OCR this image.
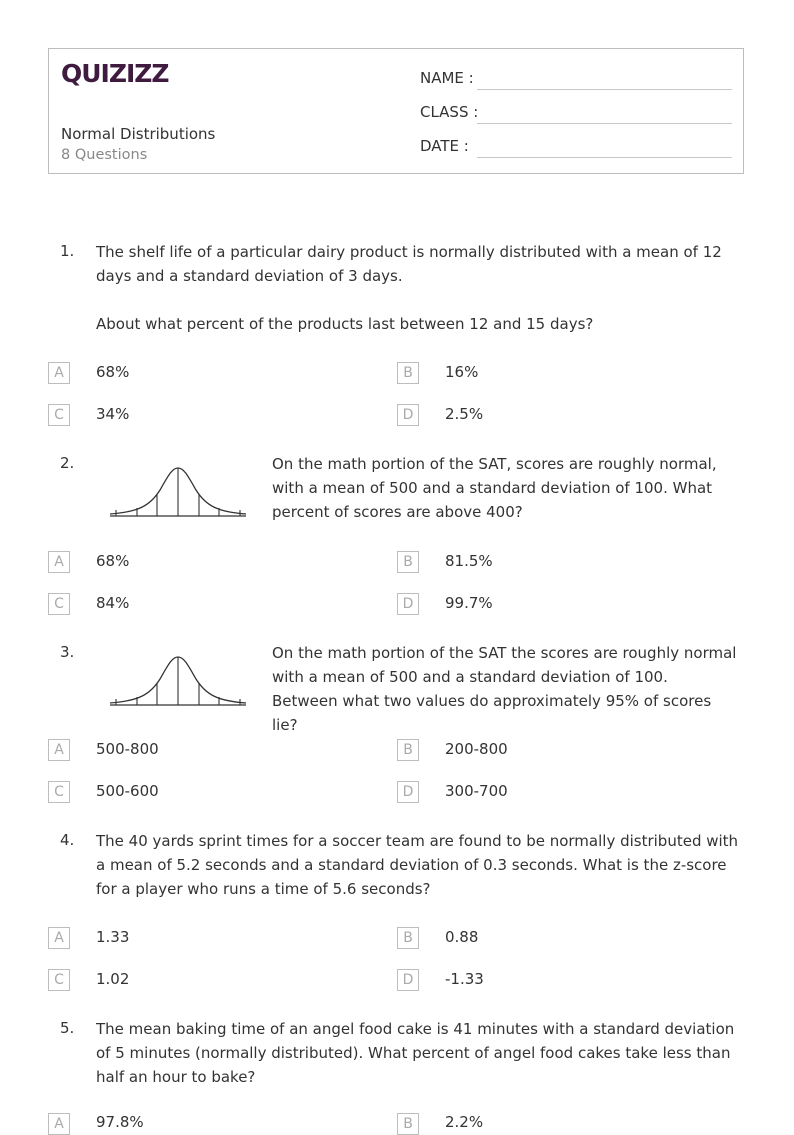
QUIZIZZ
Normal Distributions
8 Questions
NAME :
CLASS :
DATE :
1. The shelf life of a particular dairy product is normally distributed with a mean of 12 days and a standard deviation of 3 days.

About what percent of the products last between 12 and 15 days?

A	68%	B	16%
C	34%	D	2.5%
2.	On the math portion of the SAT, scores are roughly normal, with a mean of 500 and a standard deviation of 100. What percent of scores are above 400?
A	68%	B	81.5%
C	84%	D	99.7%
3.	On the math portion of the SAT the scores are roughly normal with a mean of 500 and a standard deviation of 100. Between what two values do approximately 95% of scores lie?
A	500-800	B	200-800
C	500-600	D	300-700
4. The 40 yards sprint times for a soccer team are found to be normally distributed with a mean of 5.2 seconds and a standard deviation of 0.3 seconds. What is the z-score for a player who runs a time of 5.6 seconds?
A	1.33	B	0.88
C	1.02	D	-1.33
5. The mean baking time of an angel food cake is 41 minutes with a standard deviation of 5 minutes (normally distributed). What percent of angel food cakes take less than half an hour to bake?
A	97.8%	B	2.2%
